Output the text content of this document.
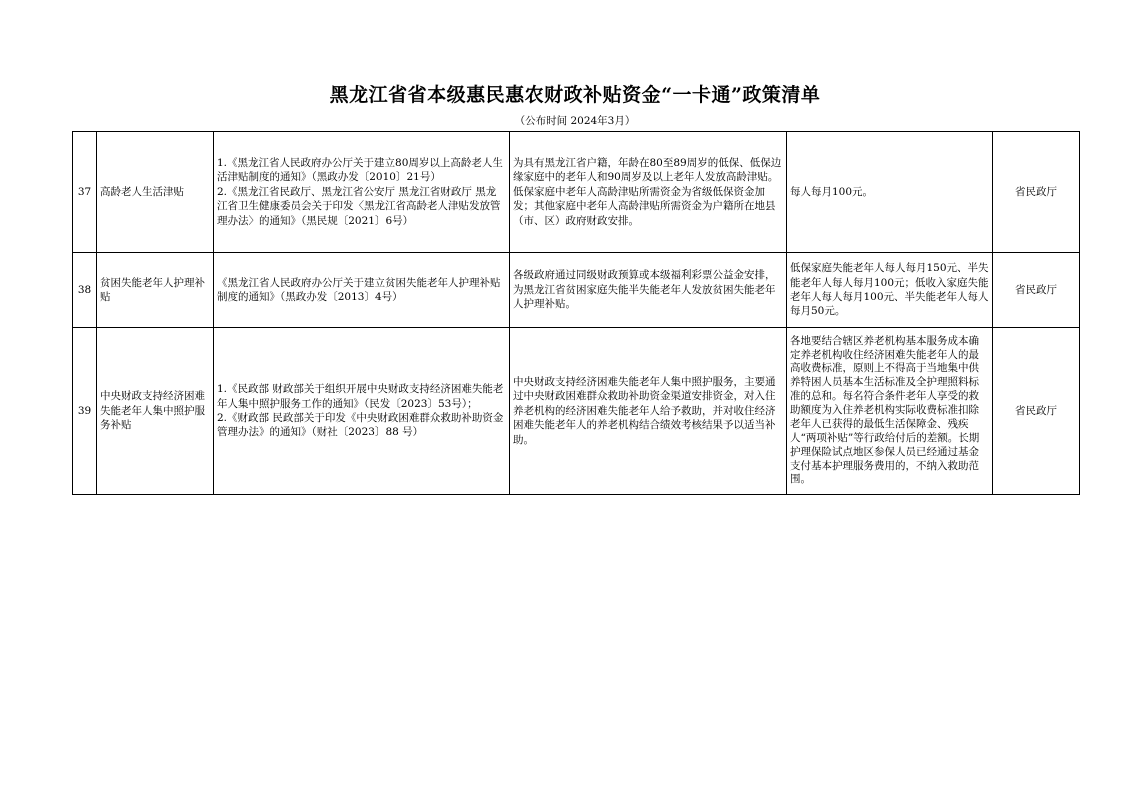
黑龙江省省本级惠民惠农财政补贴资金“一卡通”政策清单
（公布时间 2024年3月）
37	高龄老人生活津贴	1.《黑龙江省人民政府办公厅关于建立80周岁以上高龄老人生活津贴制度的通知》（黑政办发〔2010〕21号）
2.《黑龙江省民政厅、黑龙江省公安厅 黑龙江省财政厅 黑龙江省卫生健康委员会关于印发〈黑龙江省高龄老人津贴发放管理办法〉的通知》（黑民规〔2021〕6号）	为具有黑龙江省户籍，年龄在80至89周岁的低保、低保边缘家庭中的老年人和90周岁及以上老年人发放高龄津贴。低保家庭中老年人高龄津贴所需资金为省级低保资金加发；其他家庭中老年人高龄津贴所需资金为户籍所在地县（市、区）政府财政安排。	每人每月100元。	省民政厅
38	贫困失能老年人护理补贴	《黑龙江省人民政府办公厅关于建立贫困失能老年人护理补贴制度的通知》（黑政办发〔2013〕4号）	各级政府通过同级财政预算或本级福利彩票公益金安排，为黑龙江省贫困家庭失能半失能老年人发放贫困失能老年人护理补贴。	低保家庭失能老年人每人每月150元、半失能老年人每人每月100元；低收入家庭失能老年人每人每月100元、半失能老年人每人每月50元。	省民政厅
39	中央财政支持经济困难失能老年人集中照护服务补贴	1.《民政部 财政部关于组织开展中央财政支持经济困难失能老年人集中照护服务工作的通知》（民发〔2023〕53号）；
2.《财政部 民政部关于印发《中央财政困难群众救助补助资金管理办法》的通知》（财社〔2023〕88 号）	中央财政支持经济困难失能老年人集中照护服务，主要通过中央财政困难群众救助补助资金渠道安排资金，对入住养老机构的经济困难失能老年人给予救助，并对收住经济困难失能老年人的养老机构结合绩效考核结果予以适当补助。	各地要结合辖区养老机构基本服务成本确定养老机构收住经济困难失能老年人的最高收费标准，原则上不得高于当地集中供养特困人员基本生活标准及全护理照料标准的总和。每名符合条件老年人享受的救助额度为入住养老机构实际收费标准扣除老年人已获得的最低生活保障金、残疾人“两项补贴”等行政给付后的差额。长期护理保险试点地区参保人员已经通过基金支付基本护理服务费用的，不纳入救助范围。	省民政厅
